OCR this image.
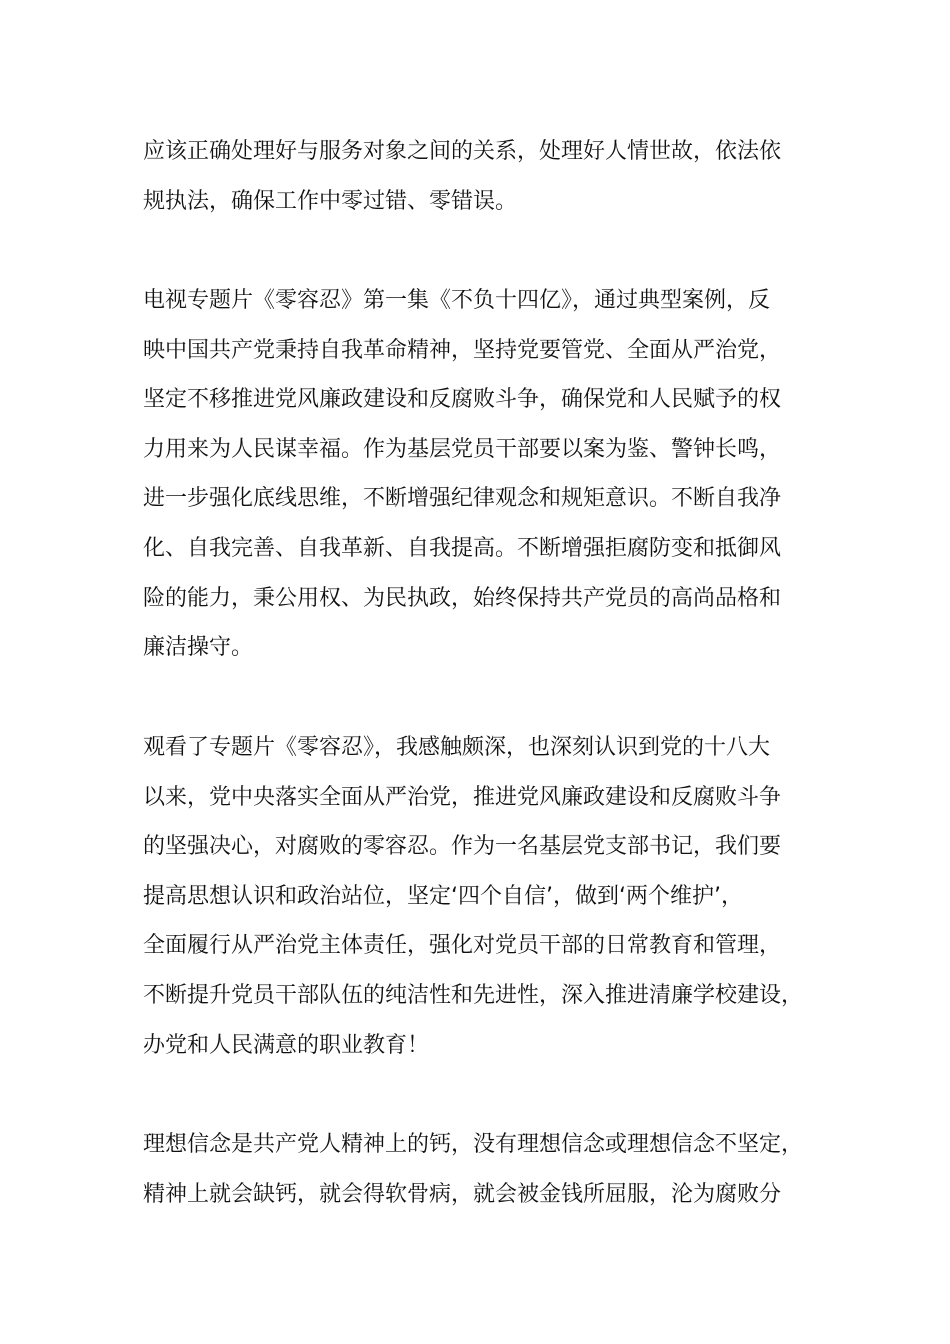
应该正确处理好与服务对象之间的关系，处理好人情世故，依法依
规执法，确保工作中零过错、零错误。
电视专题片《零容忍》第一集《不负十四亿》，通过典型案例，反
映中国共产党秉持自我革命精神，坚持党要管党、全面从严治党，
坚定不移推进党风廉政建设和反腐败斗争，确保党和人民赋予的权
力用来为人民谋幸福。作为基层党员干部要以案为鉴、警钟长鸣，
进一步强化底线思维，不断增强纪律观念和规矩意识。不断自我净
化、自我完善、自我革新、自我提高。不断增强拒腐防变和抵御风
险的能力，秉公用权、为民执政，始终保持共产党员的高尚品格和
廉洁操守。
观看了专题片《零容忍》，我感触颇深，也深刻认识到党的十八大
以来，党中央落实全面从严治党，推进党风廉政建设和反腐败斗争
的坚强决心，对腐败的零容忍。作为一名基层党支部书记，我们要
提高思想认识和政治站位，坚定‘四个自信’，做到‘两个维护’，
全面履行从严治党主体责任，强化对党员干部的日常教育和管理，
不断提升党员干部队伍的纯洁性和先进性，深入推进清廉学校建设，
办党和人民满意的职业教育！
理想信念是共产党人精神上的钙，没有理想信念或理想信念不坚定，
精神上就会缺钙，就会得软骨病，就会被金钱所屈服，沦为腐败分
